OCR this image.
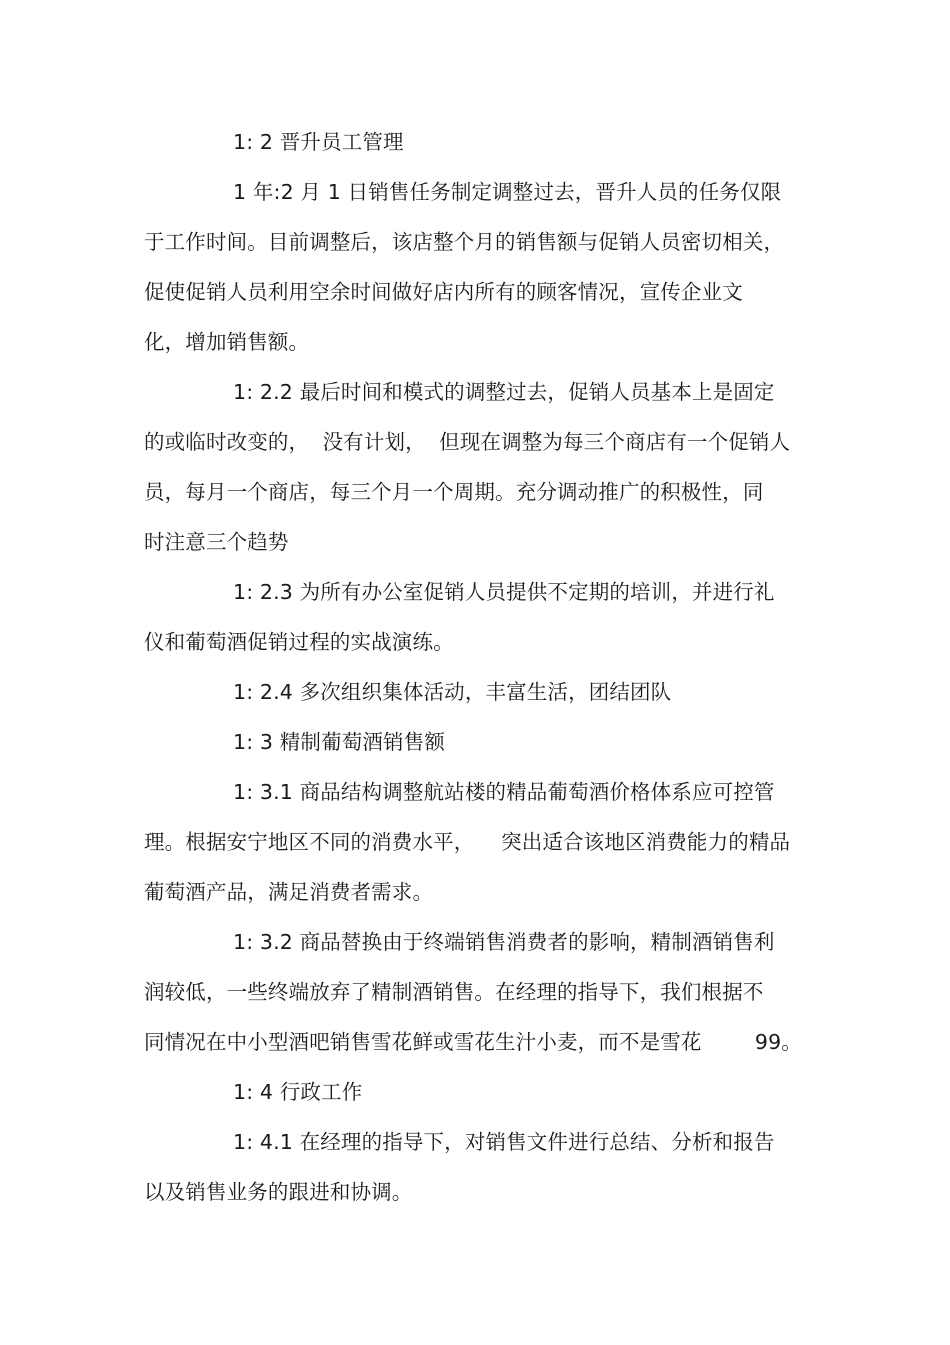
1: 2 晋升员工管理
1 年:2 月 1 日销售任务制定调整过去，晋升人员的任务仅限
于工作时间。目前调整后，该店整个月的销售额与促销人员密切相关，
促使促销人员利用空余时间做好店内所有的顾客情况，宣传企业文
化，增加销售额。
1: 2.2 最后时间和模式的调整过去，促销人员基本上是固定
的或临时改变的，  没有计划，  但现在调整为每三个商店有一个促销人
员，每月一个商店，每三个月一个周期。充分调动推广的积极性，同
时注意三个趋势
1: 2.3 为所有办公室促销人员提供不定期的培训，并进行礼
仪和葡萄酒促销过程的实战演练。
1: 2.4 多次组织集体活动，丰富生活，团结团队
1: 3 精制葡萄酒销售额
1: 3.1 商品结构调整航站楼的精品葡萄酒价格体系应可控管
理。根据安宁地区不同的消费水平，    突出适合该地区消费能力的精品
葡萄酒产品，满足消费者需求。
1: 3.2 商品替换由于终端销售消费者的影响，精制酒销售利
润较低，一些终端放弃了精制酒销售。在经理的指导下，我们根据不
同情况在中小型酒吧销售雪花鲜或雪花生汁小麦，而不是雪花        99。
1: 4 行政工作
1: 4.1 在经理的指导下，对销售文件进行总结、分析和报告
以及销售业务的跟进和协调。
